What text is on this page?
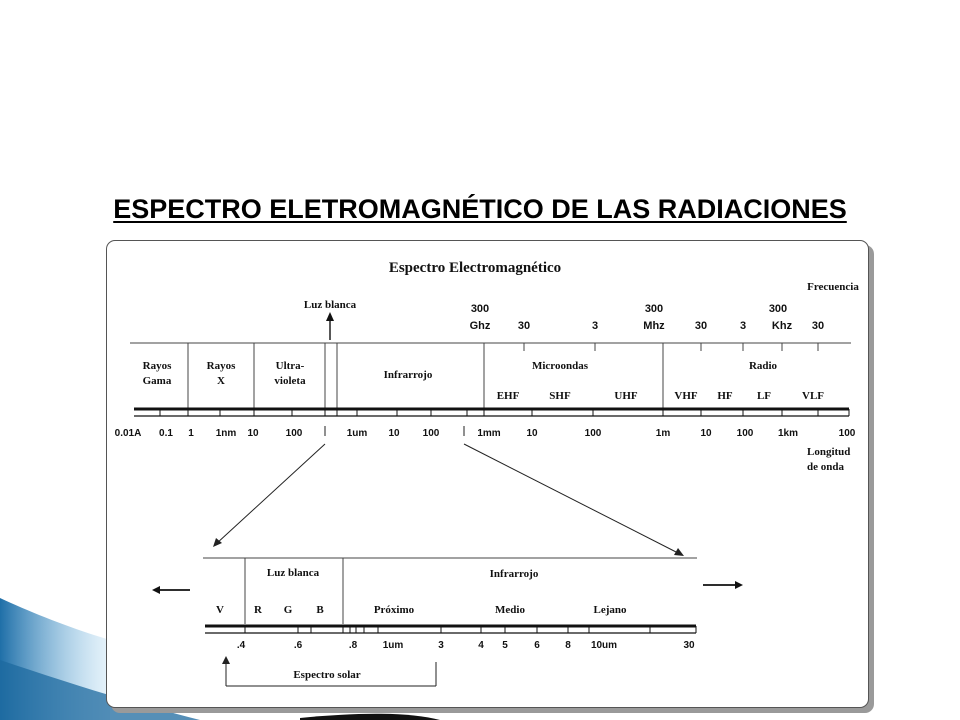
ESPECTRO ELETROMAGNÉTICO DE LAS RADIACIONES
Espectro Electromagnético
Luz blanca
Frecuencia
300
Ghz 30	3
300
Mhz	30	3
300
Khz 30
Rayos
Gama
Rayos
X
Ultra-
violeta	Infrarrojo
Microondas	Radio
EHF	SHF	UHF	VHF HF LF	VLF
0.01A 0.1 1 1nm 10	100	1um 10 100	1mm	10	100	1m	10	100 1km	100
Longitud
de onda
Luz blanca	Infrarrojo
V	R G B	Próximo	Medio	Lejano
.4	.6	.8	1um	3	4 5	6	8 10um	30
Espectro solar
